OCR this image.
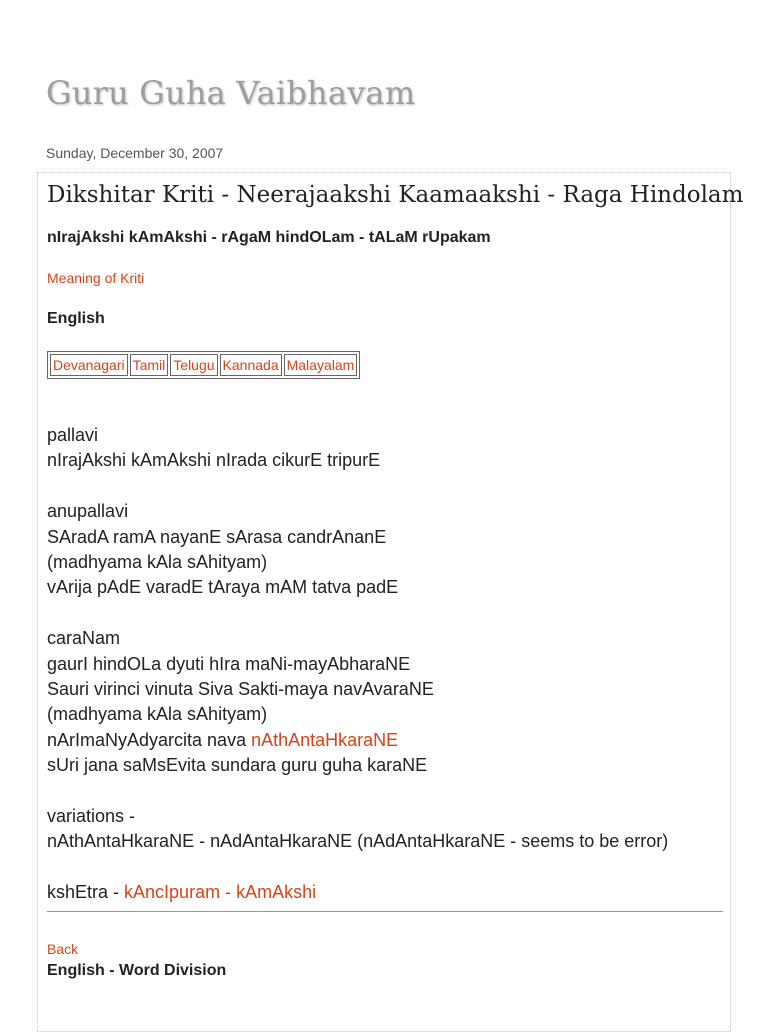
Guru Guha Vaibhavam
Sunday, December 30, 2007
Dikshitar Kriti - Neerajaakshi Kaamaakshi - Raga Hindolam
nIrajAkshi kAmAkshi - rAgaM hindOLam - tALaM rUpakam
Meaning of Kriti
English
Devanagari Tamil Telugu Kannada Malayalam
pallavi
nIrajAkshi kAmAkshi nIrada cikurE tripurE
anupallavi
SAradA ramA nayanE sArasa candrAnanE
(madhyama kAla sAhityam)
vArija pAdE varadE tAraya mAM tatva padE
caraNam
gaurI hindOLa dyuti hIra maNi-mayAbharaNE
Sauri virinci vinuta Siva Sakti-maya navAvaraNE
(madhyama kAla sAhityam)
nArImaNyAdyarcita nava nAthAntaHkaraNE
sUri jana saMsEvita sundara guru guha karaNE
variations -
nAthAntaHkaraNE - nAdAntaHkaraNE (nAdAntaHkaraNE - seems to be error)
kshEtra - kAncIpuram - kAmAkshi
Back
English - Word Division
